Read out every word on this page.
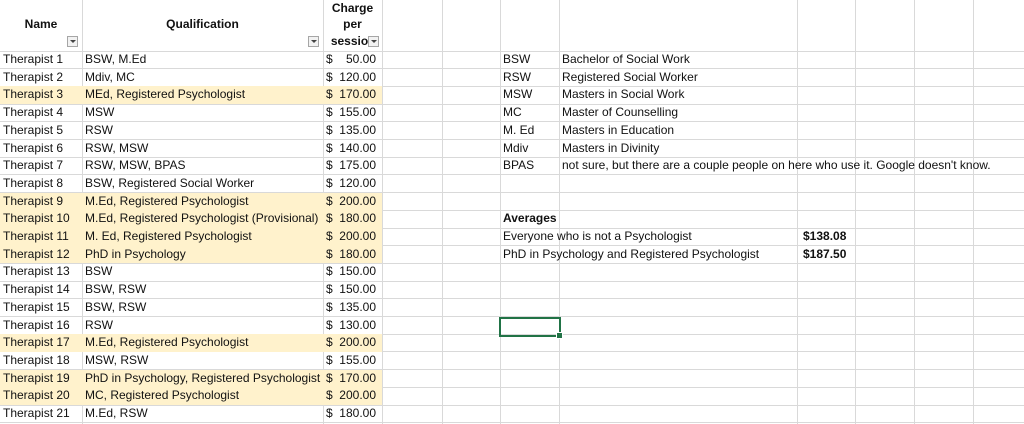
Name	Qualification
Charge
per
sessio
Therapist 1	BSW, M.Ed	$ 50.00
Therapist 2	Mdiv, MC	$ 120.00
Therapist 3	MEd, Registered Psychologist	$ 170.00
Therapist 4	MSW	$ 155.00
Therapist 5	RSW	$ 135.00
Therapist 6	RSW, MSW	$ 140.00
Therapist 7	RSW, MSW, BPAS	$ 175.00
Therapist 8	BSW, Registered Social Worker	$ 120.00
Therapist 9	M.Ed, Registered Psychologist	$ 200.00
Therapist 10	M.Ed, Registered Psychologist (Provisional) $ 180.00
Therapist 11	M. Ed, Registered Psychologist	$ 200.00
Therapist 12	PhD in Psychology	$ 180.00
Therapist 13	BSW	$ 150.00
Therapist 14	BSW, RSW	$ 150.00
Therapist 15	BSW, RSW	$ 135.00
Therapist 16	RSW	$ 130.00
Therapist 17	M.Ed, Registered Psychologist	$ 200.00
Therapist 18	MSW, RSW	$ 155.00
Therapist 19	PhD in Psychology, Registered Psychologist $ 170.00
Therapist 20	MC, Registered Psychologist	$ 200.00
Therapist 21	M.Ed, RSW	$ 180.00
BSW	Bachelor of Social Work
RSW	Registered Social Worker
MSW	Masters in Social Work
MC	Master of Counselling
M. Ed	Masters in Education
Mdiv	Masters in Divinity
BPAS	not sure, but there are a couple people on here who use it. Google doesn't know.
Averages
Everyone who is not a Psychologist	$138.08
PhD in Psychology and Registered Psychologist	$187.50
